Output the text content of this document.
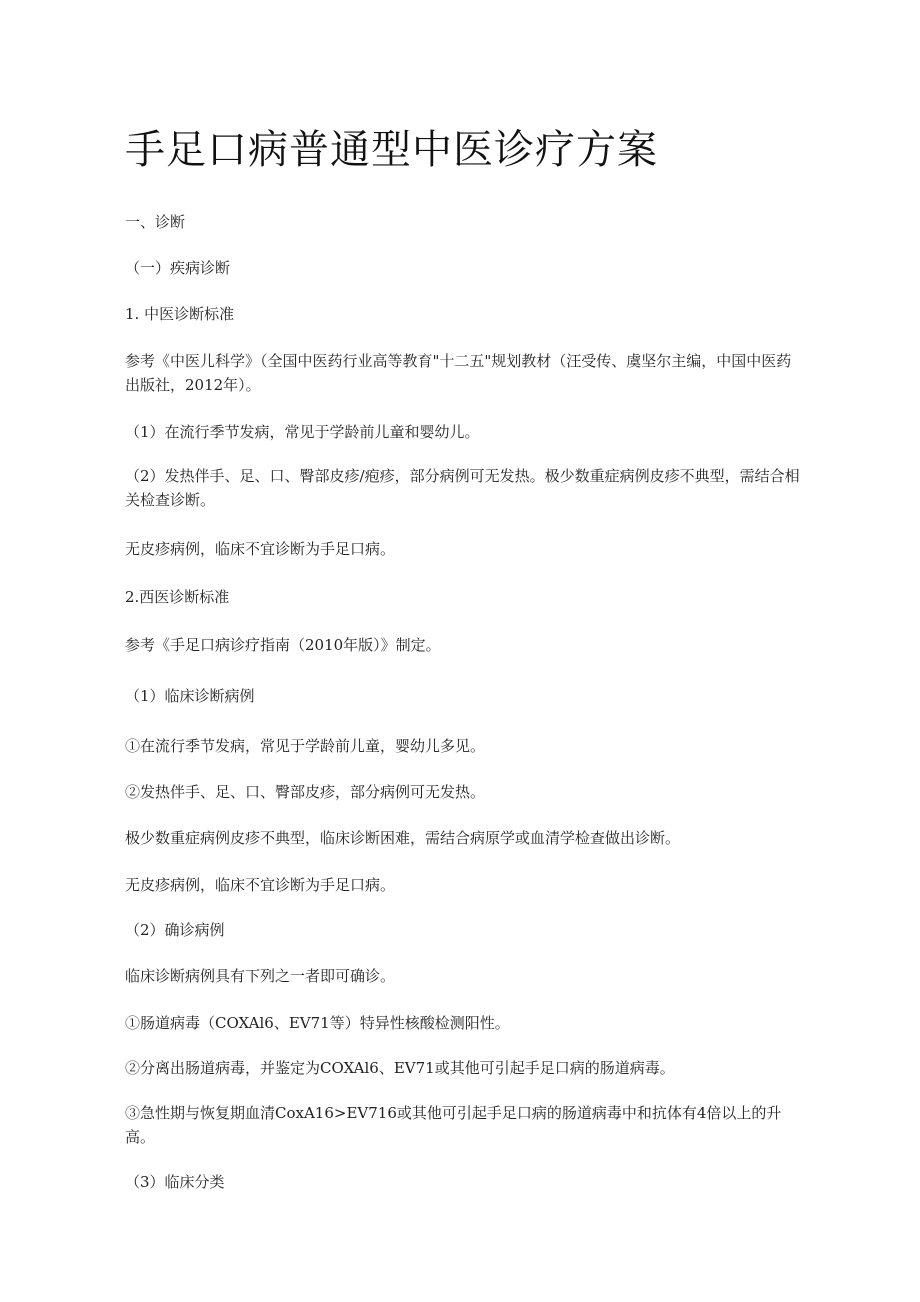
手足口病普通型中医诊疗方案
一、诊断
（一）疾病诊断
1. 中医诊断标准
参考《中医儿科学》（全国中医药行业高等教育"十二五"规划教材（汪受传、虞坚尔主编，中国中医药出版社，2012年）。
（1）在流行季节发病，常见于学龄前儿童和婴幼儿。
（2）发热伴手、足、口、臀部皮疹/疱疹，部分病例可无发热。极少数重症病例皮疹不典型，需结合相关检查诊断。
无皮疹病例，临床不宜诊断为手足口病。
2.西医诊断标准
参考《手足口病诊疗指南（2010年版）》制定。
（1）临床诊断病例
①在流行季节发病，常见于学龄前儿童，婴幼儿多见。
②发热伴手、足、口、臀部皮疹，部分病例可无发热。
极少数重症病例皮疹不典型，临床诊断困难，需结合病原学或血清学检查做出诊断。
无皮疹病例，临床不宜诊断为手足口病。
（2）确诊病例
临床诊断病例具有下列之一者即可确诊。
①肠道病毒（COXAl6、EV71等）特异性核酸检测阳性。
②分离出肠道病毒，并鉴定为COXAl6、EV71或其他可引起手足口病的肠道病毒。
③急性期与恢复期血清CoxA16>EV716或其他可引起手足口病的肠道病毒中和抗体有4倍以上的升高。
（3）临床分类
